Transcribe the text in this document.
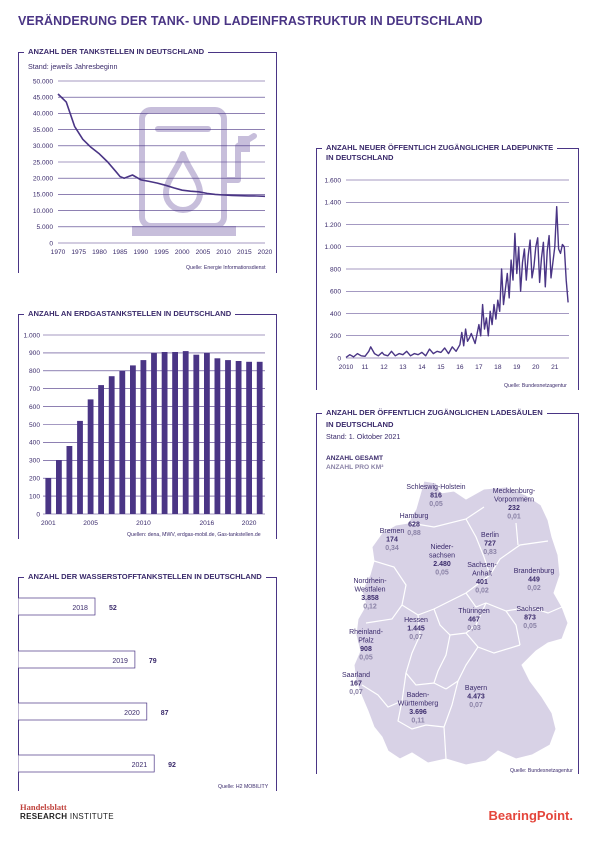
VERÄNDERUNG DER TANK- UND LADEINFRASTRUKTUR IN DEUTSCHLAND
ANZAHL DER TANKSTELLEN IN DEUTSCHLAND
Stand: jeweils Jahresbeginn
0
5.000
10.000
15.000
20.000
25.000
30.000
35.000
40.000
45.000
50.000
1970 1975 1980 1985 1990 1995 2000 2005 2010 2015 2020
Quelle: Energie Informationsdienst
ANZAHL NEUER ÖFFENTLICH ZUGÄNGLICHER LADEPUNKTE
IN DEUTSCHLAND
0
200
400
600
800
1.000
1.200
1.400
1.600
2010 11 12 13 14 15 16 17 18 19 20 21
Quelle: Bundesnetzagentur
ANZAHL AN ERDGASTANKSTELLEN IN DEUTSCHLAND
0
100
200
300
400
500
600
700
800
900
1.000
2001	2005	2010	2016	2020
Quellen: dena, MWV, erdgas-mobil.de, Gas-tankstellen.de
ANZAHL DER WASSERSTOFFTANKSTELLEN IN DEUTSCHLAND
2018	52
2019	79
2020	87
2021	92
Quelle: H2 MOBILITY
ANZAHL DER ÖFFENTLICH ZUGÄNGLICHEN LADESÄULEN
IN DEUTSCHLAND
Stand: 1. Oktober 2021
ANZAHL GESAMT
ANZAHL PRO KM²
Schleswig-Holstein
816
0,05
Mecklenburg-
Vorpommern
232
0,01
Hamburg
628
0,88
Bremen
174
0,34
Berlin
727
0,83
Nieder-
sachsen
2.480
0,05	Brandenburg
449
0,02
Sachsen-
Anhalt
401
0,02
Nordrhein-
Westfalen
3.858
0,12	Sachsen
873
0,05
Thüringen
467
0,03
Hessen
1.445
0,07
Rheinland-
Pfalz
908
0,05
Saarland
167
0,07
Bayern
4.473
0,07
Baden-
Württemberg
3.696
0,11
Quelle: Bundesnetzagentur
Handelsblatt
RESEARCH INSTITUTE	BearingPoint.
